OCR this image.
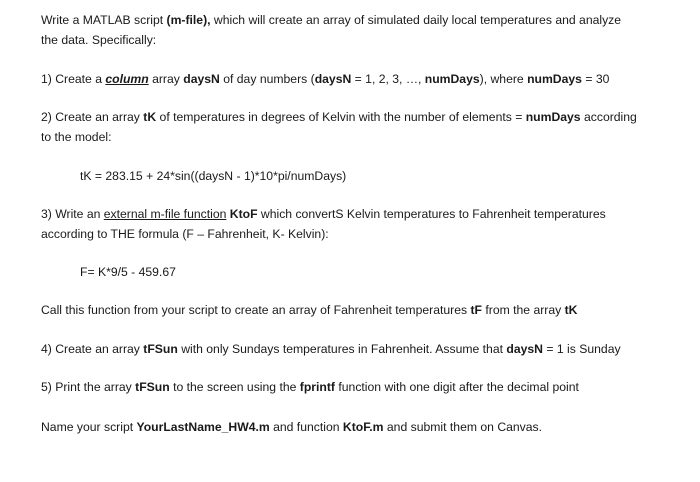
Write a MATLAB script (m-file), which will create an array of simulated daily local temperatures and analyze

the data. Specifically:

1) Create a column array daysN of day numbers (daysN = 1, 2, 3, …, numDays), where numDays = 30

2) Create an array tK of temperatures in degrees of Kelvin with the number of elements = numDays according

to the model:

tK = 283.15 + 24*sin((daysN - 1)*10*pi/numDays)

3) Write an external m-file function KtoF which convertS Kelvin temperatures to Fahrenheit temperatures

according to THE formula (F – Fahrenheit, K- Kelvin):

F= K*9/5 - 459.67

Call this function from your script to create an array of Fahrenheit temperatures tF from the array tK

4) Create an array tFSun with only Sundays temperatures in Fahrenheit. Assume that daysN = 1 is Sunday

5) Print the array tFSun to the screen using the fprintf function with one digit after the decimal point

Name your script YourLastName_HW4.m and function KtoF.m and submit them on Canvas.
